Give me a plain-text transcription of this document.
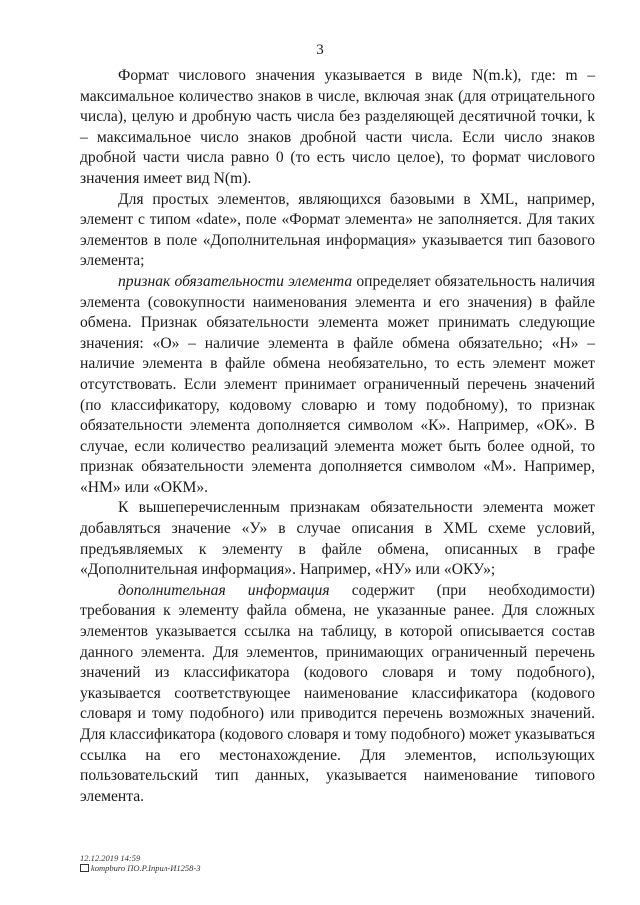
3

Формат числового значения указывается в виде N(m.k), где: m – максимальное количество знаков в числе, включая знак (для отрицательного числа), целую и дробную часть числа без разделяющей десятичной точки, k – максимальное число знаков дробной части числа. Если число знаков дробной части числа равно 0 (то есть число целое), то формат числового значения имеет вид N(m).

Для простых элементов, являющихся базовыми в XML, например, элемент с типом «date», поле «Формат элемента» не заполняется. Для таких элементов в поле «Дополнительная информация» указывается тип базового элемента;

признак обязательности элемента определяет обязательность наличия элемента (совокупности наименования элемента и его значения) в файле обмена. Признак обязательности элемента может принимать следующие значения: «О» – наличие элемента в файле обмена обязательно; «Н» – наличие элемента в файле обмена необязательно, то есть элемент может отсутствовать. Если элемент принимает ограниченный перечень значений (по классификатору, кодовому словарю и тому подобному), то признак обязательности элемента дополняется символом «К». Например, «ОК». В случае, если количество реализаций элемента может быть более одной, то признак обязательности элемента дополняется символом «М». Например, «НМ» или «ОКМ».

К вышеперечисленным признакам обязательности элемента может добавляться значение «У» в случае описания в XML схеме условий, предъявляемых к элементу в файле обмена, описанных в графе «Дополнительная информация». Например, «НУ» или «ОКУ»;

дополнительная информация содержит (при необходимости) требования к элементу файла обмена, не указанные ранее. Для сложных элементов указывается ссылка на таблицу, в которой описывается состав данного элемента. Для элементов, принимающих ограниченный перечень значений из классификатора (кодового словаря и тому подобного), указывается соответствующее наименование классификатора (кодового словаря и тому подобного) или приводится перечень возможных значений. Для классификатора (кодового словаря и тому подобного) может указываться ссылка на его местонахождение. Для элементов, использующих пользовательский тип данных, указывается наименование типового элемента.

12.12.2019 14:59
kompburo ПО.Р.Iприл-И1258-3
